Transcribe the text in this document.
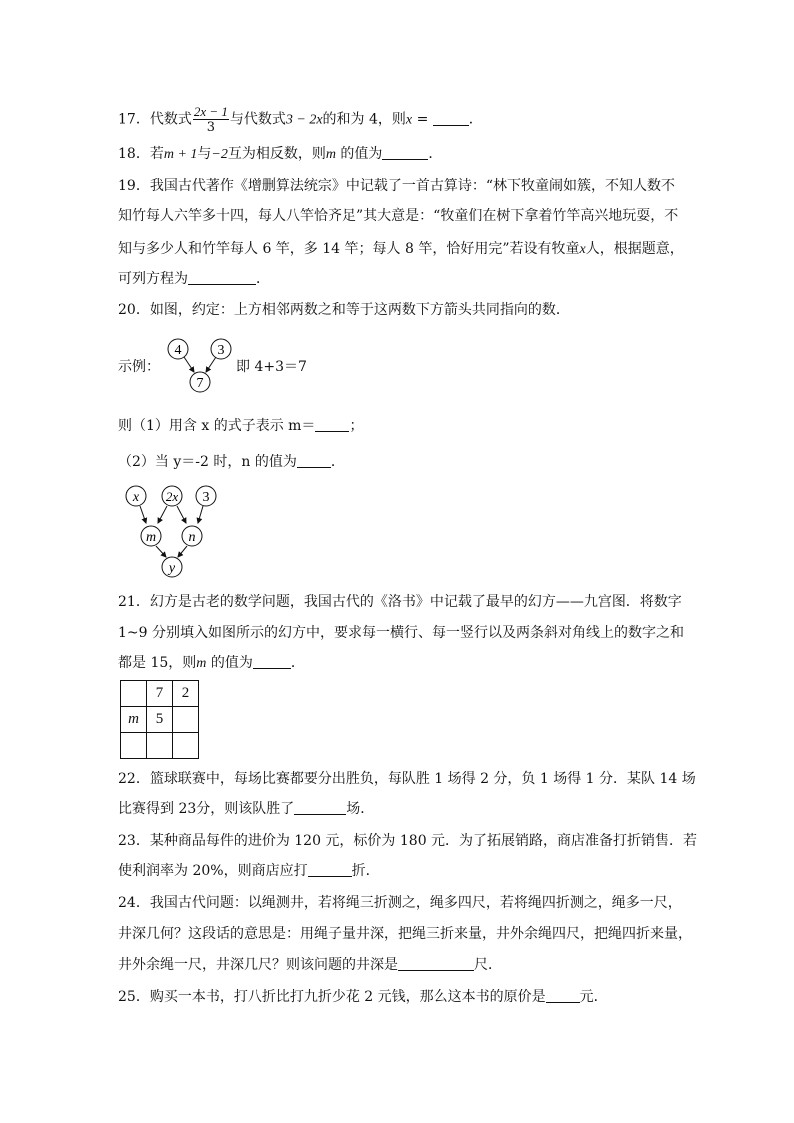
17．代数式 $\frac{2x - 1}{3}$ 与代数式3 − 2x的和为 4，则x =	．
18．若m + 1与−2互为相反数，则m 的值为	．
19．我国古代著作《增删算法统宗》中记载了一首古算诗：“林下牧童闹如簇，不知人数不
知竹每人六竿多十四，每人八竿恰齐足”其大意是：“牧童们在树下拿着竹竿高兴地玩耍，不
知与多少人和竹竿每人 6 竿，多 14 竿；每人 8 竿，恰好用完”若设有牧童x人，根据题意，
可列方程为	．
20．如图，约定：上方相邻两数之和等于这两数下方箭头共同指向的数．
示例：
4	3
7
即 4+3＝7
则（1）用含 x 的式子表示 m＝ ；
（2）当 y＝-2 时，n 的值为 ．
x 2x 3
m n
y
21．幻方是古老的数学问题，我国古代的《洛书》中记载了最早的幻方——九宫图．将数字
1~9 分别填入如图所示的幻方中，要求每一横行、每一竖行以及两条斜对角线上的数字之和
都是 15，则m 的值为	．
	7	2
m	5	

22．篮球联赛中，每场比赛都要分出胜负，每队胜 1 场得 2 分，负 1 场得 1 分．某队 14 场
比赛得到 23分，则该队胜了	场．
23．某种商品每件的进价为 120 元，标价为 180 元．为了拓展销路，商店准备打折销售．若
使利润率为 20%，则商店应打	折．
24．我国古代问题：以绳测井，若将绳三折测之，绳多四尺，若将绳四折测之，绳多一尺，
井深几何？这段话的意思是：用绳子量井深，把绳三折来量，井外余绳四尺，把绳四折来量，
井外余绳一尺，井深几尺？则该问题的井深是	尺．
25．购买一本书，打八折比打九折少花 2 元钱，那么这本书的原价是 元．
